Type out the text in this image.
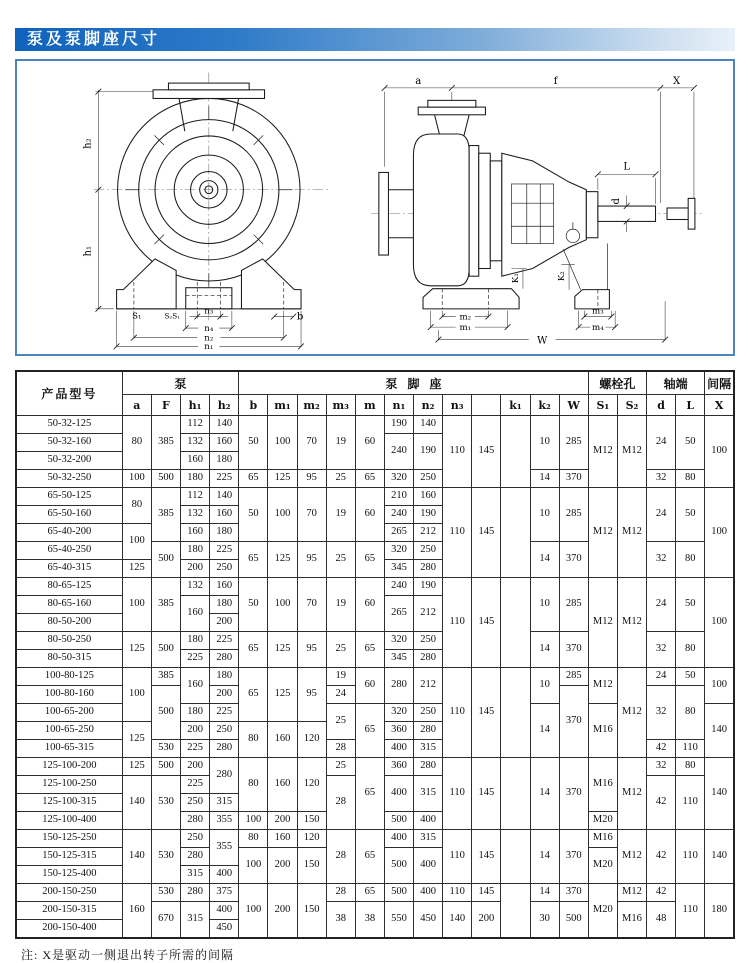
泵及泵脚座尺寸
h₂
h₁
n₃
S₁	S₂S₁	b
n₄
n₂
n₁
a	f	X
d
L
K₁	K₂
m₂
m₁
m₃
m₄
W
产品型号	泵				泵脚座												螺栓孔		轴端		间隔
	a	F	h₁	h₂	b	m₁	m₂	m₃	m	n₁	n₂	n₃		k₁	k₂	W	S₁	S₂	d	L	X
50-32-125	80	385	112	140	50	100	70	19	60	190	140	110	145		10	285	M12	M12	24	50	100
50-32-160			132	160						240	190										
50-32-200			160	180																	
50-32-250	100	500	180	225	65	125	95	25	65	320	250				14	370			32	80	
65-50-125	80	385	112	140	50	100	70	19	60	210	160	110	145		10	285	M12	M12	24	50	100
65-50-160			132	160						240	190										
65-40-200	100		160	180						265	212										
65-40-250		500	180	225	65	125	95	25	65	320	250				14	370			32	80	
65-40-315	125		200	250						345	280										
80-65-125	100	385	132	160	50	100	70	19	60	240	190	110	145		10	285	M12	M12	24	50	100
80-65-160			160	180						265	212										
80-50-200				200																	
80-50-250	125	500	180	225	65	125	95	25	65	320	250				14	370			32	80	
80-50-315			225	280						345	280										
100-80-125	100	385	160	180	65	125	95	19	60	280	212	110	145		10	285	M12	M12	24	50	100
100-80-160		500		200				24								370			32	80	
100-65-200			180	225				25	65	320	250				14		M16				140
100-65-250	125		200	250	80	160	120			360	280										
100-65-315		530	225	280				28		400	315								42	110	
125-100-200	125	500	200	280	80	160	120	25	65	360	280	110	145		14	370	M16	M12	32	80	140
125-100-250	140	530	225					28		400	315								42	110	
125-100-315			250	315																	
125-100-400			280	355	100	200	150			500	400						M20				
150-125-250	140	530	250	355	80	160	120	28	65	400	315	110	145		14	370	M16	M12	42	110	140
150-125-315			280		100	200	150			500	400						M20				
150-125-400			315	400																	
200-150-250	160	530	280	375	100	200	150	28	65	500	400	110	145		14	370	M20	M12	42	110	180
200-150-315		670	315	400				38	38	550	450	140	200		30	500		M16	48		
200-150-400				450																	
注: X是驱动一侧退出转子所需的间隔
